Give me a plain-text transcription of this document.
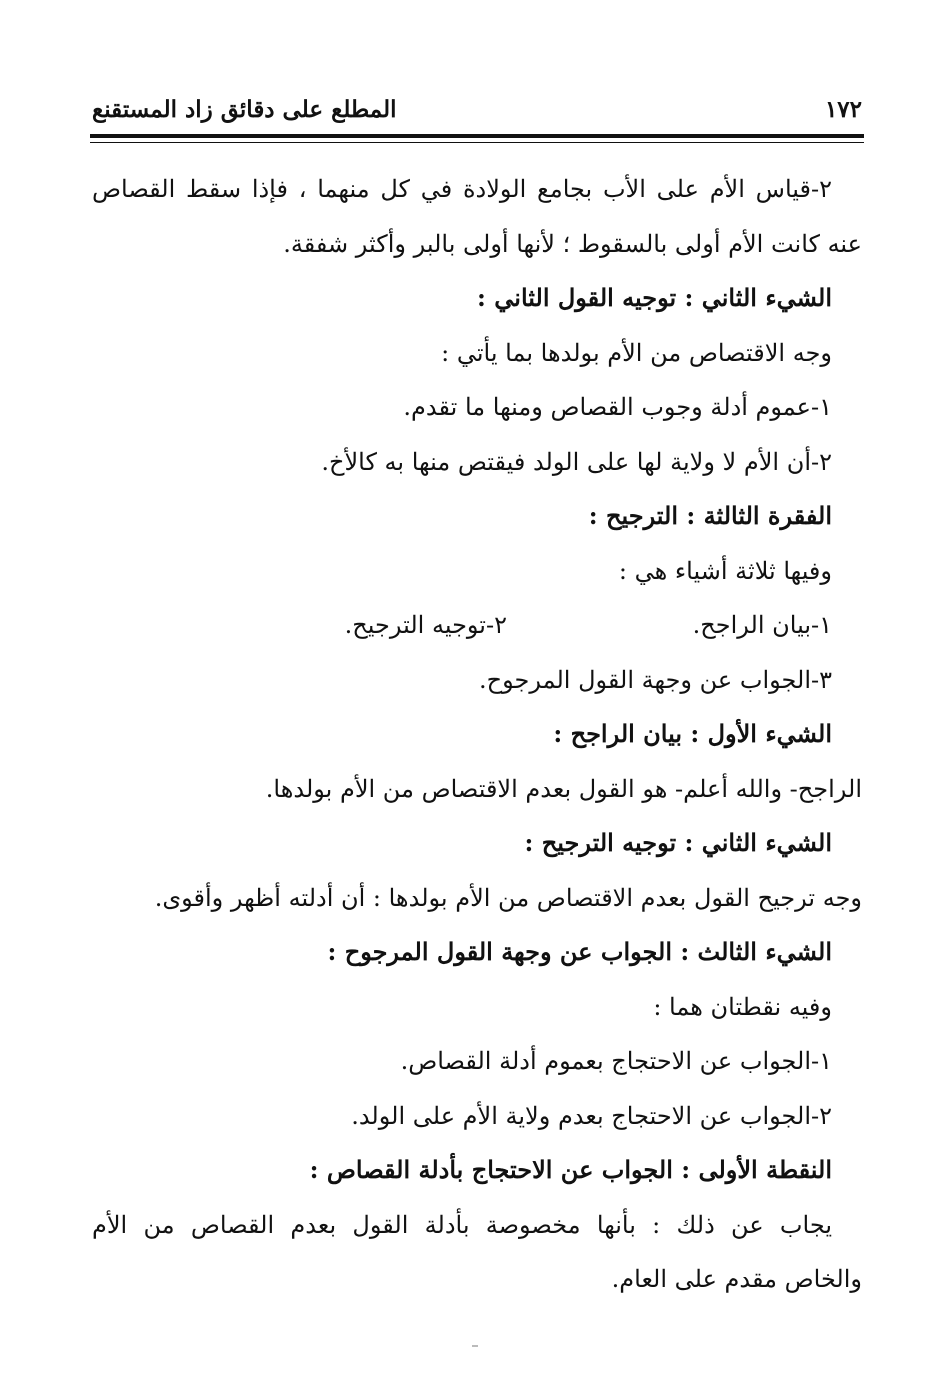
١٧٢
المطلع على دقائق زاد المستقنع
٢-قياس الأم على الأب بجامع الولادة في كل منهما ، فإذا سقط القصاص
عنه كانت الأم أولى بالسقوط ؛ لأنها أولى بالبر وأكثر شفقة.
الشيء الثاني : توجيه القول الثاني :
وجه الاقتصاص من الأم بولدها بما يأتي :
١-عموم أدلة وجوب القصاص ومنها ما تقدم.
٢-أن الأم لا ولاية لها على الولد فيقتص منها به كالأخ.
الفقرة الثالثة : الترجيح :
وفيها ثلاثة أشياء هي :
١-بيان الراجح.
٢-توجيه الترجيح.
٣-الجواب عن وجهة القول المرجوح.
الشيء الأول : بيان الراجح :
الراجح- والله أعلم- هو القول بعدم الاقتصاص من الأم بولدها.
الشيء الثاني : توجيه الترجيح :
وجه ترجيح القول بعدم الاقتصاص من الأم بولدها : أن أدلته أظهر وأقوى.
الشيء الثالث : الجواب عن وجهة القول المرجوح :
وفيه نقطتان هما :
١-الجواب عن الاحتجاج بعموم أدلة القصاص.
٢-الجواب عن الاحتجاج بعدم ولاية الأم على الولد.
النقطة الأولى : الجواب عن الاحتجاج بأدلة القصاص :
يجاب عن ذلك : بأنها مخصوصة بأدلة القول بعدم القصاص من الأم
والخاص مقدم على العام.
